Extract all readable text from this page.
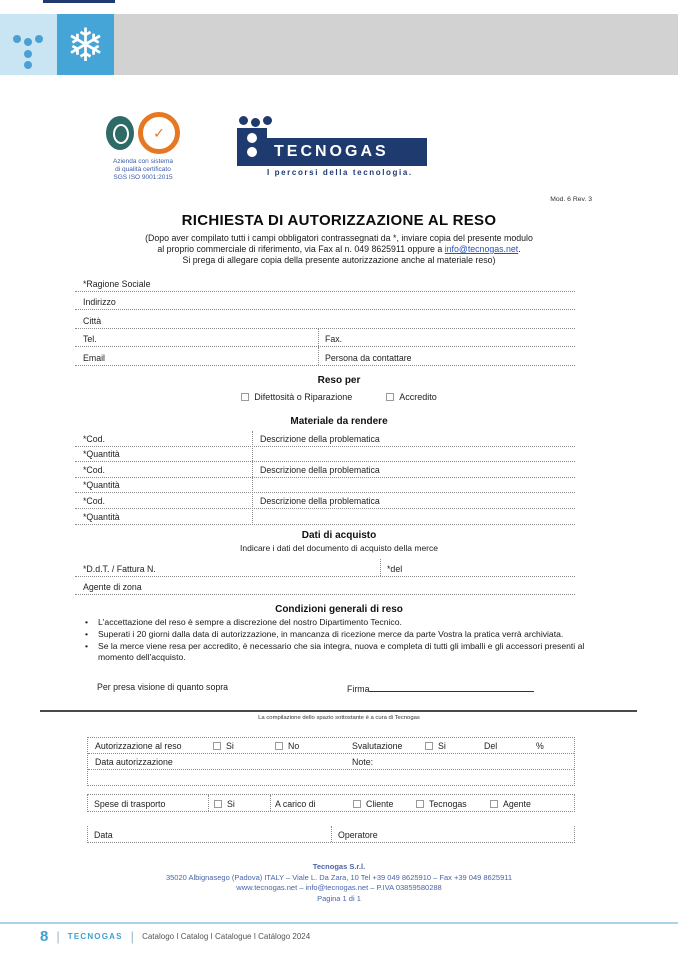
❄
✓
Azienda con sistema
di qualità certificato
SGS ISO 9001:2015
TECNOGAS
I percorsi della tecnologia.
Mod. 6 Rev. 3
RICHIESTA DI AUTORIZZAZIONE AL RESO
(Dopo aver compilato tutti i campi obbligatori contrassegnati da *, inviare copia del presente modulo
al proprio commerciale di riferimento, via Fax al n. 049 8625911 oppure a info@tecnogas.net.
Si prega di allegare copia della presente autorizzazione anche al materiale reso)
*Ragione Sociale
Indirizzo
Città
Tel.	Fax.
Email	Persona da contattare
Reso per
Difettosità o Riparazione	Accredito
Materiale da rendere
*Cod.	Descrizione della problematica
*Quantità
*Cod.	Descrizione della problematica
*Quantità
*Cod.	Descrizione della problematica
*Quantità
Dati di acquisto
Indicare i dati del documento di acquisto della merce
*D.d.T. / Fattura N.	*del
Agente di zona
Condizioni generali di reso
• L'accettazione del reso è sempre a discrezione del nostro Dipartimento Tecnico.
• Superati i 20 giorni dalla data di autorizzazione, in mancanza di ricezione merce da parte Vostra la pratica verrà archiviata.
• Se la merce viene resa per accredito, è necessario che sia integra, nuova e completa di tutti gli imballi e gli accessori presenti al momento dell'acquisto.
Per presa visione di quanto sopra	Firma
La compilazione dello spazio sottostante è a cura di Tecnogas
Autorizzazione al reso	Si	No	Svalutazione	Si	Del	%
Data autorizzazione	Note:
Spese di trasporto	Si	A carico di	Cliente	Tecnogas	Agente
Data	Operatore
Tecnogas S.r.l.
35020 Albignasego (Padova) ITALY – Viale L. Da Zara, 10 Tel +39 049 8625910 – Fax +39 049 8625911
www.tecnogas.net – info@tecnogas.net – P.IVA 03859580288
Pagina 1 di 1
8 | TECNOGAS | Catalogo I Catalog I Catalogue I Catálogo 2024
